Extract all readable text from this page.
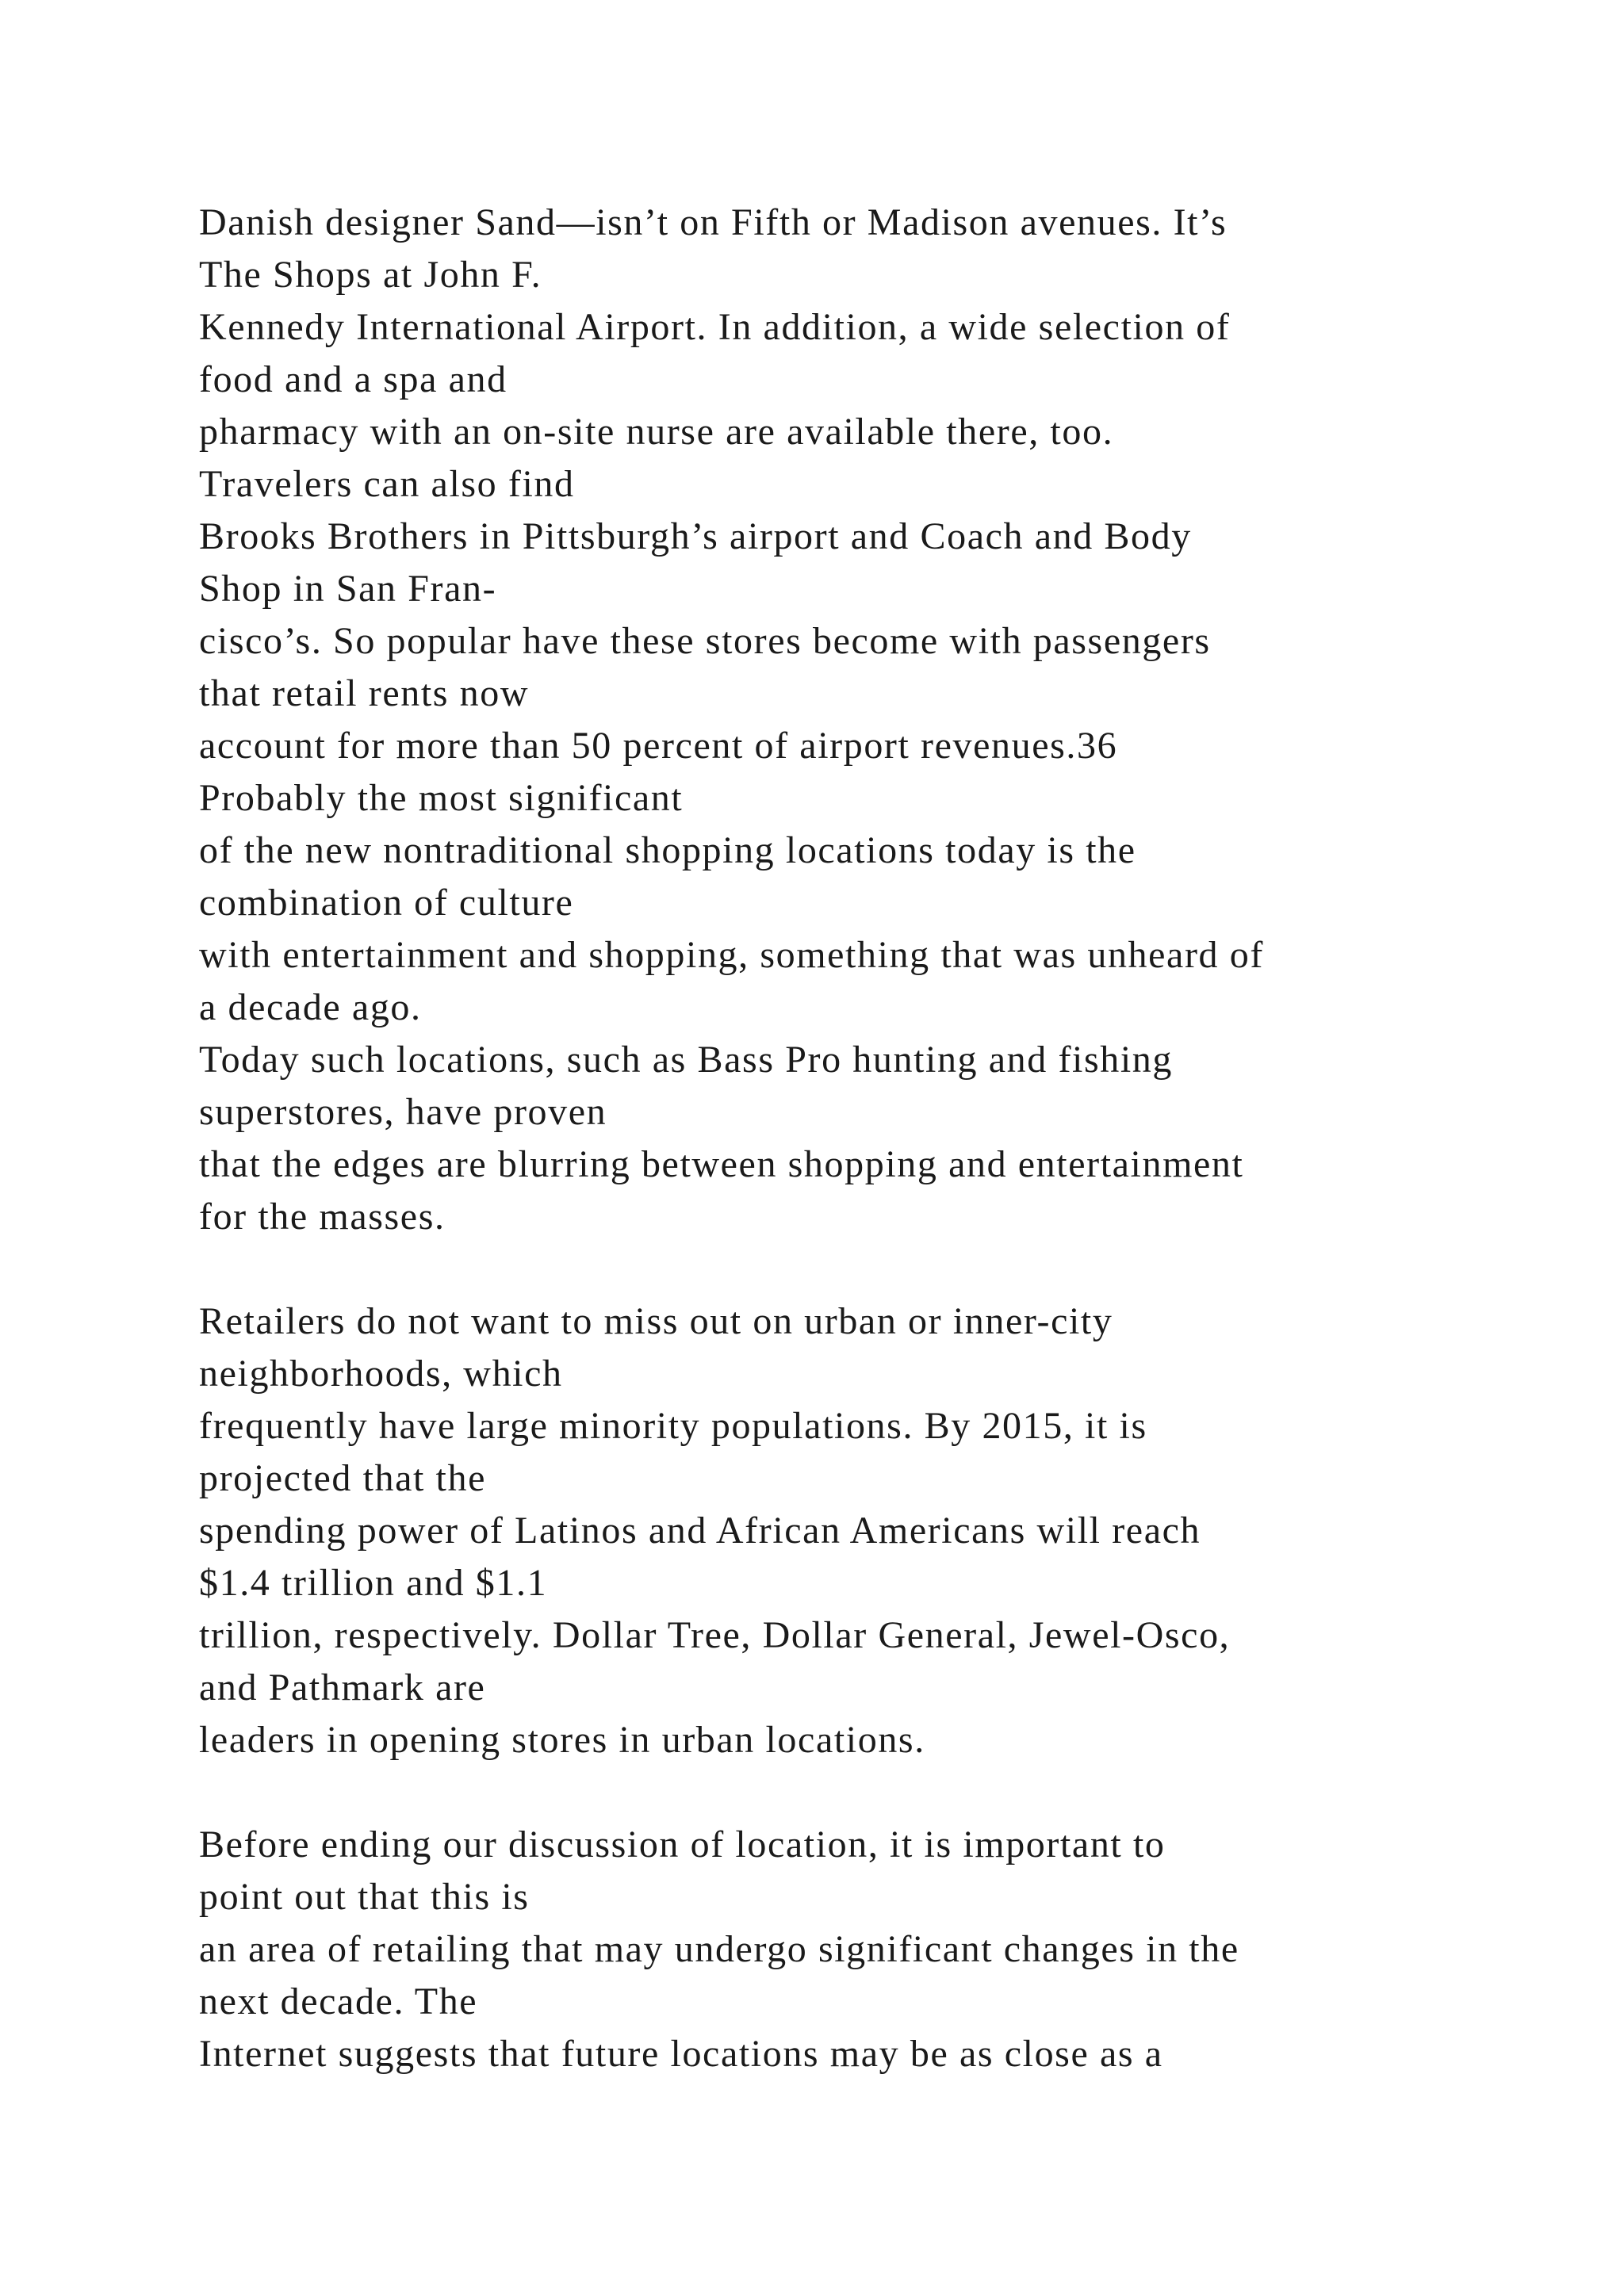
Danish designer Sand—isn’t on Fifth or Madison avenues. It’s
The Shops at John F.
Kennedy International Airport. In addition, a wide selection of
food and a spa and
pharmacy with an on-site nurse are available there, too.
Travelers can also find
Brooks Brothers in Pittsburgh’s airport and Coach and Body
Shop in San Fran-
cisco’s. So popular have these stores become with passengers
that retail rents now
account for more than 50 percent of airport revenues.36
Probably the most significant
of the new nontraditional shopping locations today is the
combination of culture
with entertainment and shopping, something that was unheard of
a decade ago.
Today such locations, such as Bass Pro hunting and fishing
superstores, have proven
that the edges are blurring between shopping and entertainment
for the masses.
Retailers do not want to miss out on urban or inner-city
neighborhoods, which
frequently have large minority populations. By 2015, it is
projected that the
spending power of Latinos and African Americans will reach
$1.4 trillion and $1.1
trillion, respectively. Dollar Tree, Dollar General, Jewel-Osco,
and Pathmark are
leaders in opening stores in urban locations.
Before ending our discussion of location, it is important to
point out that this is
an area of retailing that may undergo significant changes in the
next decade. The
Internet suggests that future locations may be as close as a
